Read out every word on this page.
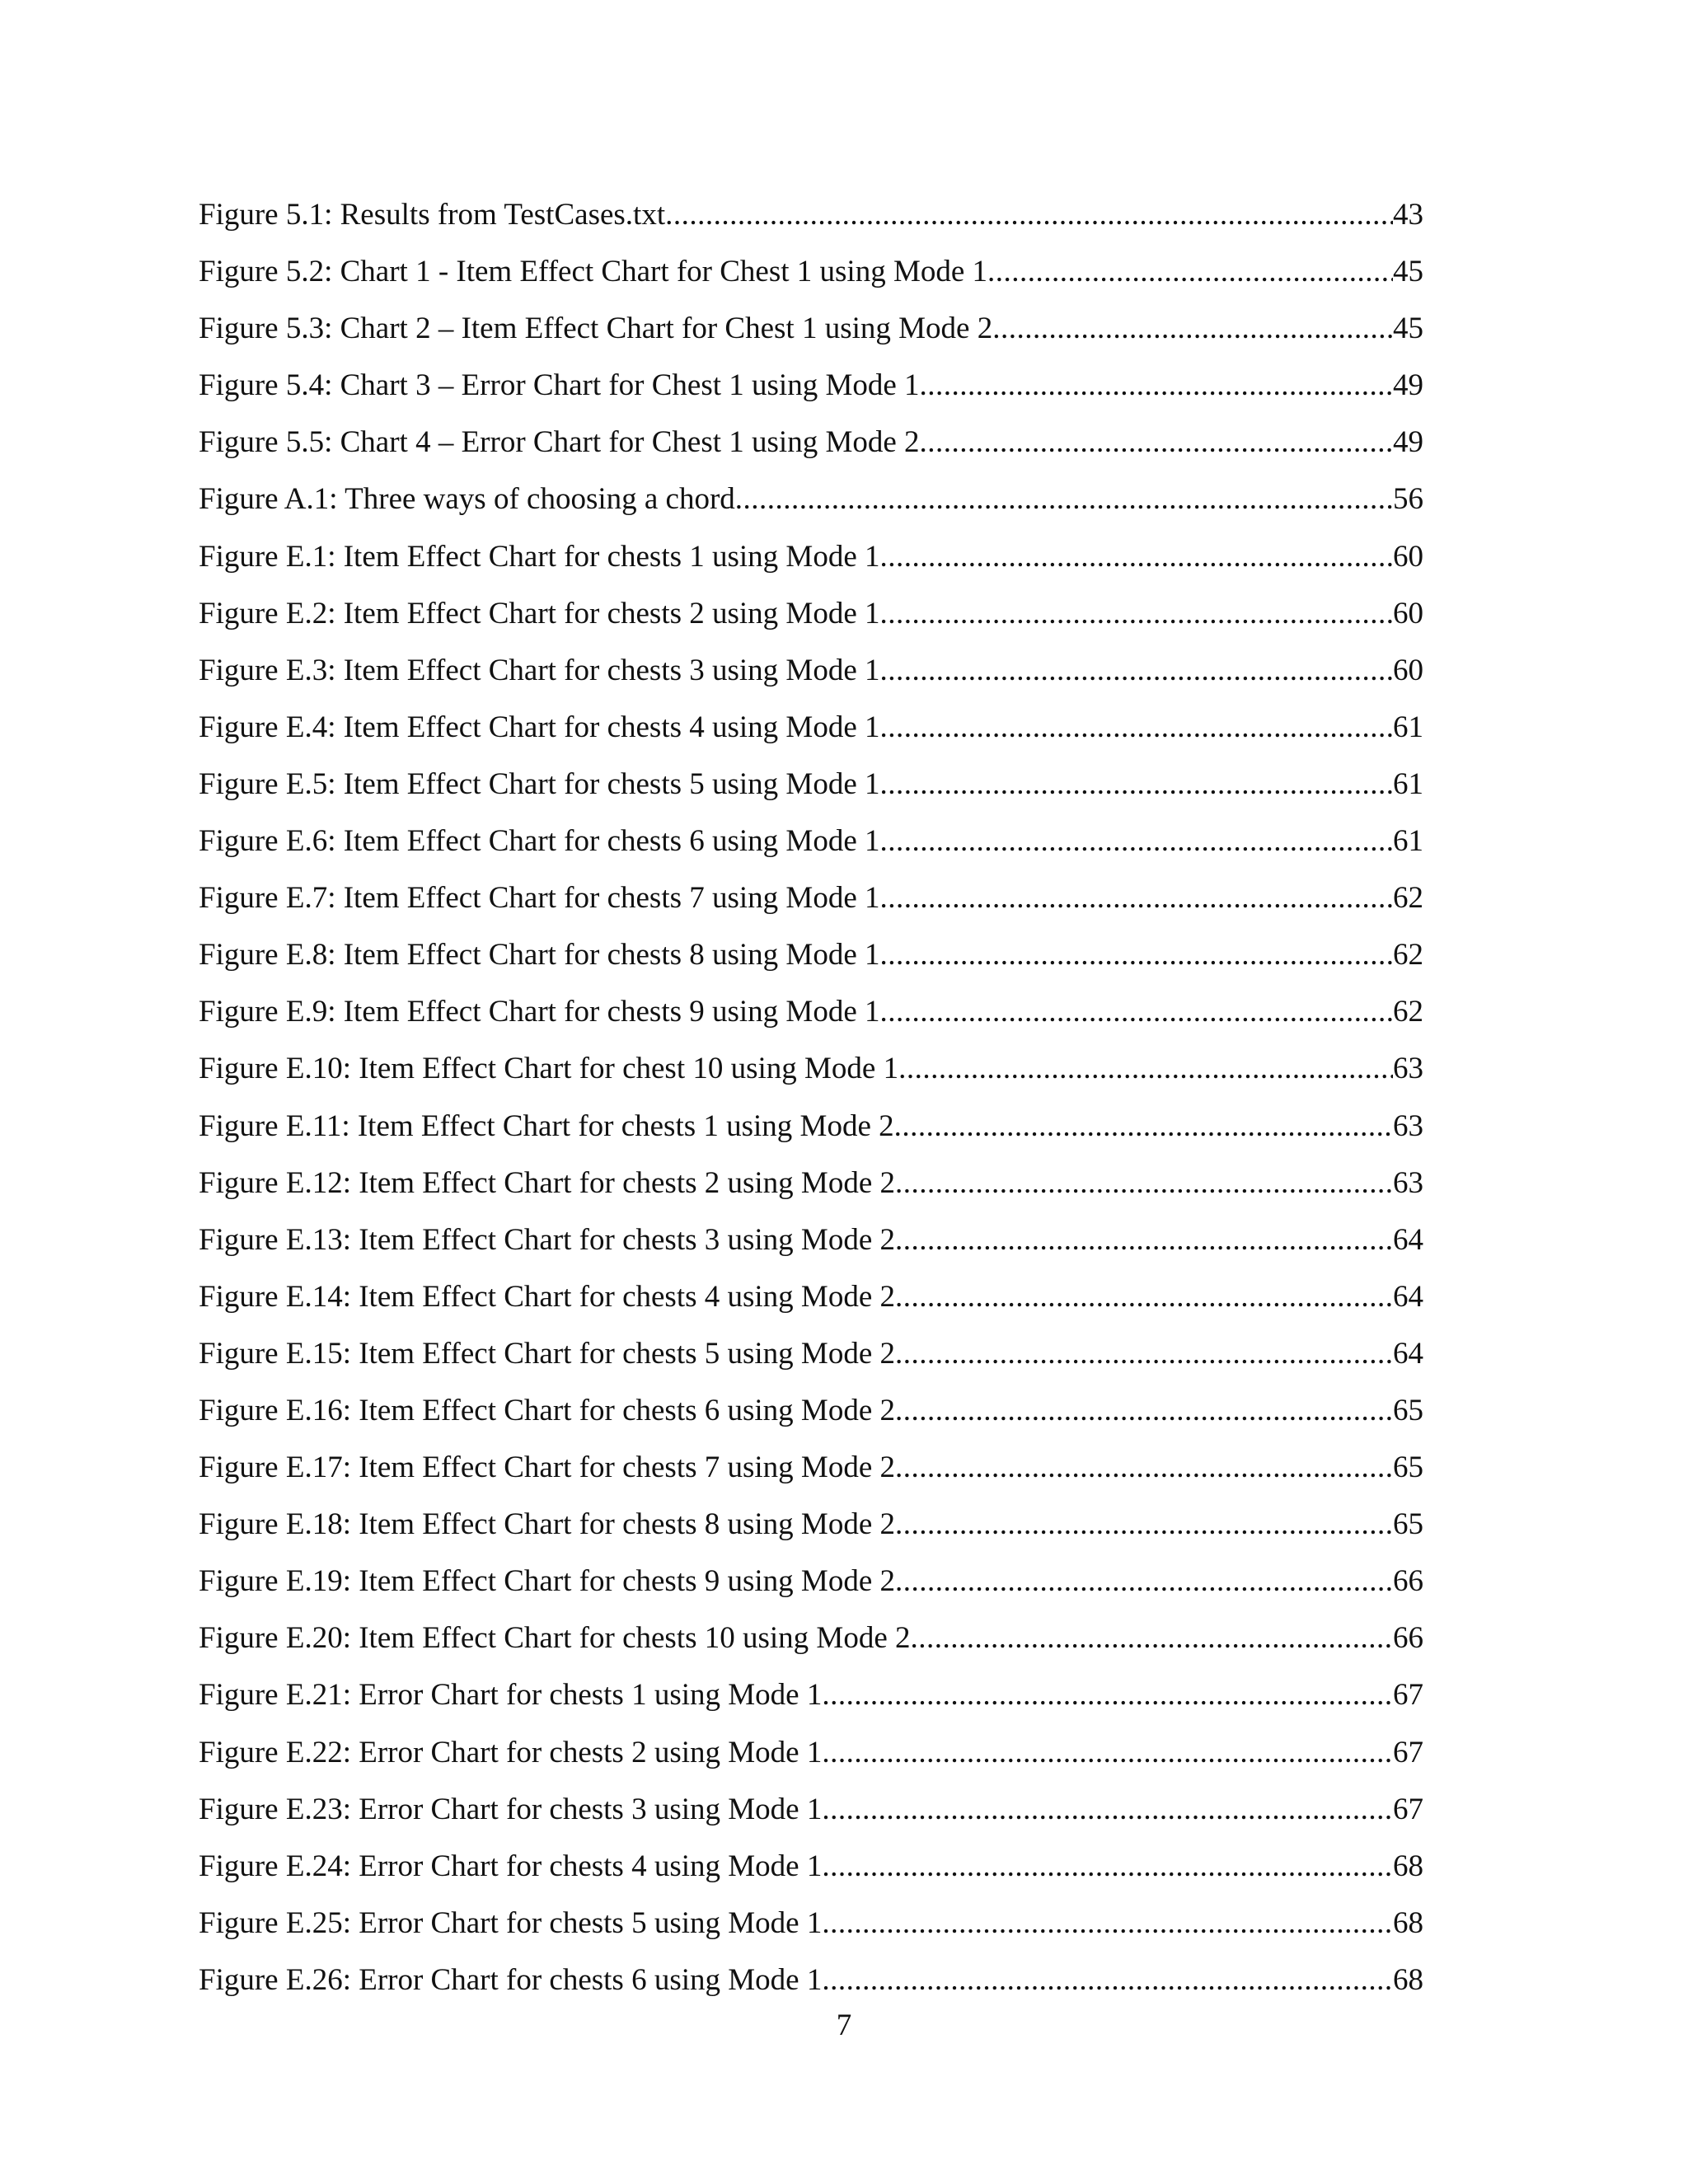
Figure 5.1: Results from TestCases.txt .....	43
Figure 5.2: Chart 1 - Item Effect Chart for Chest 1 using Mode 1 .....	45
Figure 5.3: Chart 2 – Item Effect Chart for Chest 1 using Mode 2 .....	45
Figure 5.4: Chart 3 – Error Chart for Chest 1 using Mode 1 .....	49
Figure 5.5: Chart 4 – Error Chart for Chest 1 using Mode 2 .....	49
Figure A.1: Three ways of choosing a chord .....	56
Figure E.1: Item Effect Chart for chests 1 using Mode 1 .....	60
Figure E.2: Item Effect Chart for chests 2 using Mode 1 .....	60
Figure E.3: Item Effect Chart for chests 3 using Mode 1 .....	60
Figure E.4: Item Effect Chart for chests 4 using Mode 1 .....	61
Figure E.5: Item Effect Chart for chests 5 using Mode 1 .....	61
Figure E.6: Item Effect Chart for chests 6 using Mode 1 .....	61
Figure E.7: Item Effect Chart for chests 7 using Mode 1 .....	62
Figure E.8: Item Effect Chart for chests 8 using Mode 1 .....	62
Figure E.9: Item Effect Chart for chests 9 using Mode 1 .....	62
Figure E.10: Item Effect Chart for chest 10 using Mode 1 .....	63
Figure E.11: Item Effect Chart for chests 1 using Mode 2 .....	63
Figure E.12: Item Effect Chart for chests 2 using Mode 2 .....	63
Figure E.13: Item Effect Chart for chests 3 using Mode 2 .....	64
Figure E.14: Item Effect Chart for chests 4 using Mode 2 .....	64
Figure E.15: Item Effect Chart for chests 5 using Mode 2 .....	64
Figure E.16: Item Effect Chart for chests 6 using Mode 2 .....	65
Figure E.17: Item Effect Chart for chests 7 using Mode 2 .....	65
Figure E.18: Item Effect Chart for chests 8 using Mode 2 .....	65
Figure E.19: Item Effect Chart for chests 9 using Mode 2 .....	66
Figure E.20: Item Effect Chart for chests 10 using Mode 2 .....	66
Figure E.21: Error Chart for chests 1 using Mode 1 .....	67
Figure E.22: Error Chart for chests 2 using Mode 1 .....	67
Figure E.23: Error Chart for chests 3 using Mode 1 .....	67
Figure E.24: Error Chart for chests 4 using Mode 1 .....	68
Figure E.25: Error Chart for chests 5 using Mode 1 .....	68
Figure E.26: Error Chart for chests 6 using Mode 1 .....	68
7
